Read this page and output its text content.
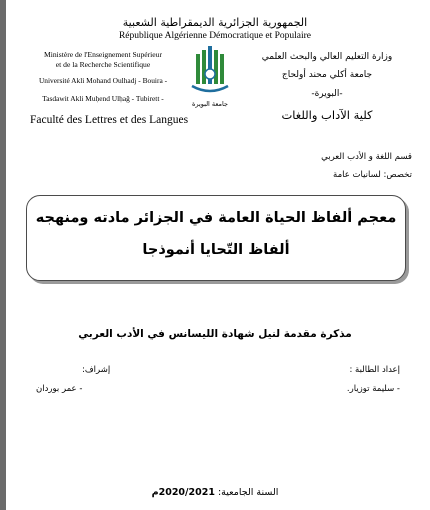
الجمهورية الجزائرية الديمقراطية الشعبية
République Algérienne Démocratique et Populaire
Ministère de l'Enseignement Supérieur
et de la Recherche Scientifique
Université Akli Mohand Oulhadj - Bouira -
Tasdawit Akli Muḥend Ulḥağ - Tubirett -
Faculté des Lettres et des Langues
جامعة البويرة
وزارة التعليم العالي والبحث العلمي
جامعة أكلي محند أولحاج
-البويرة-
كلية الآداب واللغات
قسم اللغة و الأدب العربي
تخصص: لسانيات عامة
معجم ألفاظ الحياة العامة في الجزائر مادته ومنهجه
ألفاظ التّحايا أنموذجا
مذكرة مقدمة لنيل شهادة الليسانس في الأدب العربي
إعداد الطالبة :
- سليمة توزيار.
إشراف:
- عمر بوردان
السنة الجامعية: 2020/2021م
